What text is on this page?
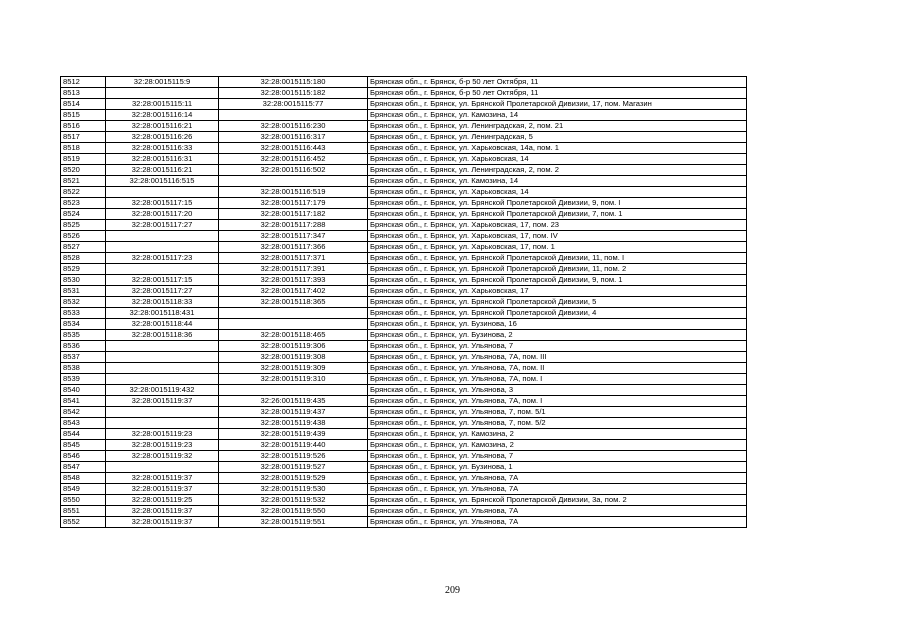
8512	32:28:0015115:9	32:28:0015115:180	Брянская обл., г. Брянск, б-р 50 лет Октября, 11
8513		32:28:0015115:182	Брянская обл., г. Брянск, б-р 50 лет Октября, 11
8514	32:28:0015115:11	32:28:0015115:77	Брянская обл., г. Брянск, ул. Брянской Пролетарской Дивизии, 17, пом. Магазин
8515	32:28:0015116:14		Брянская обл., г. Брянск, ул. Камозина, 14
8516	32:28:0015116:21	32:28:0015116:230	Брянская обл., г. Брянск, ул. Ленинградская, 2, пом. 21
8517	32:28:0015116:26	32:28:0015116:317	Брянская обл., г. Брянск, ул. Ленинградская, 5
8518	32:28:0015116:33	32:28:0015116:443	Брянская обл., г. Брянск, ул. Харьковская, 14а, пом. 1
8519	32:28:0015116:31	32:28:0015116:452	Брянская обл., г. Брянск, ул. Харьковская, 14
8520	32:28:0015116:21	32:28:0015116:502	Брянская обл., г. Брянск, ул. Ленинградская, 2, пом. 2
8521	32:28:0015116:515		Брянская обл., г. Брянск, ул. Камозина, 14
8522		32:28:0015116:519	Брянская обл., г. Брянск, ул. Харьковская, 14
8523	32:28:0015117:15	32:28:0015117:179	Брянская обл., г. Брянск, ул. Брянской Пролетарской Дивизии, 9, пом. I
8524	32:28:0015117:20	32:28:0015117:182	Брянская обл., г. Брянск, ул. Брянской Пролетарской Дивизии, 7, пом. 1
8525	32:28:0015117:27	32:28:0015117:288	Брянская обл., г. Брянск, ул. Харьковская, 17, пом. 23
8526		32:28:0015117:347	Брянская обл., г. Брянск, ул. Харьковская, 17, пом. IV
8527		32:28:0015117:366	Брянская обл., г. Брянск, ул. Харьковская, 17, пом. 1
8528	32:28:0015117:23	32:28:0015117:371	Брянская обл., г. Брянск, ул. Брянской Пролетарской Дивизии, 11, пом. I
8529		32:28:0015117:391	Брянская обл., г. Брянск, ул. Брянской Пролетарской Дивизии, 11, пом. 2
8530	32:28:0015117:15	32:28:0015117:393	Брянская обл., г. Брянск, ул. Брянской Пролетарской Дивизии, 9, пом. 1
8531	32:28:0015117:27	32:28:0015117:402	Брянская обл., г. Брянск, ул. Харьковская, 17
8532	32:28:0015118:33	32:28:0015118:365	Брянская обл., г. Брянск, ул. Брянской Пролетарской Дивизии, 5
8533	32:28:0015118:431		Брянская обл., г. Брянск, ул. Брянской Пролетарской Дивизии, 4
8534	32:28:0015118:44		Брянская обл., г. Брянск, ул. Бузинова, 16
8535	32:28:0015118:36	32:28:0015118:465	Брянская обл., г. Брянск, ул. Бузинова, 2
8536		32:28:0015119:306	Брянская обл., г. Брянск, ул. Ульянова, 7
8537		32:28:0015119:308	Брянская обл., г. Брянск, ул. Ульянова, 7А, пом. III
8538		32:28:0015119:309	Брянская обл., г. Брянск, ул. Ульянова, 7А, пом. II
8539		32:28:0015119:310	Брянская обл., г. Брянск, ул. Ульянова, 7А, пом. I
8540	32:28:0015119:432		Брянская обл., г. Брянск, ул. Ульянова, 3
8541	32:28:0015119:37	32:26:0015119:435	Брянская обл., г. Брянск, ул. Ульянова, 7А, пом. I
8542		32:28:0015119:437	Брянская обл., г. Брянск, ул. Ульянова, 7, пом. 5/1
8543		32:28:0015119:438	Брянская обл., г. Брянск, ул. Ульянова, 7, пом. 5/2
8544	32:28:0015119:23	32:28:0015119:439	Брянская обл., г. Брянск, ул. Камозина, 2
8545	32:28:0015119:23	32:28:0015119:440	Брянская обл., г. Брянск, ул. Камозина, 2
8546	32:28:0015119:32	32:28:0015119:526	Брянская обл., г. Брянск, ул. Ульянова, 7
8547		32:28:0015119:527	Брянская обл., г. Брянск, ул. Бузинова, 1
8548	32:28:0015119:37	32:28:0015119:529	Брянская обл., г. Брянск, ул. Ульянова, 7А
8549	32:28:0015119:37	32:28:0015119:530	Брянская обл., г. Брянск, ул. Ульянова, 7А
8550	32:28:0015119:25	32:28:0015119:532	Брянская обл., г. Брянск, ул. Брянской Пролетарской Дивизии, 3а, пом. 2
8551	32:28:0015119:37	32:28:0015119:550	Брянская обл., г. Брянск, ул. Ульянова, 7А
8552	32:28:0015119:37	32:28:0015119:551	Брянская обл., г. Брянск, ул. Ульянова, 7А
209
